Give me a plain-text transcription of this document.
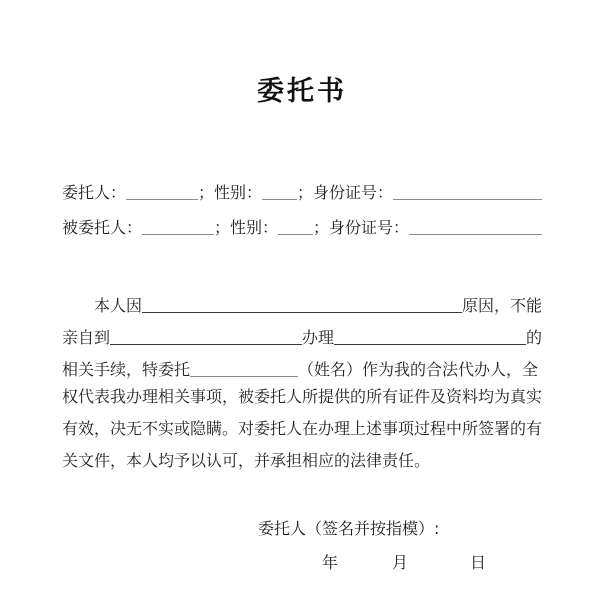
委托书
委托人：	；性别： ；身份证号：
被委托人：	；性别： ；身份证号：
本人因	原因，不能
亲自到	办理	的
相关手续，特委托	（姓名）作为我的合法代办人，全
权代表我办理相关事项，被委托人所提供的所有证件及资料均为真实
有效，决无不实或隐瞒。对委托人在办理上述事项过程中所签署的有
关文件，本人均予以认可，并承担相应的法律责任。
委托人（签名并按指模）:
年	月	日
